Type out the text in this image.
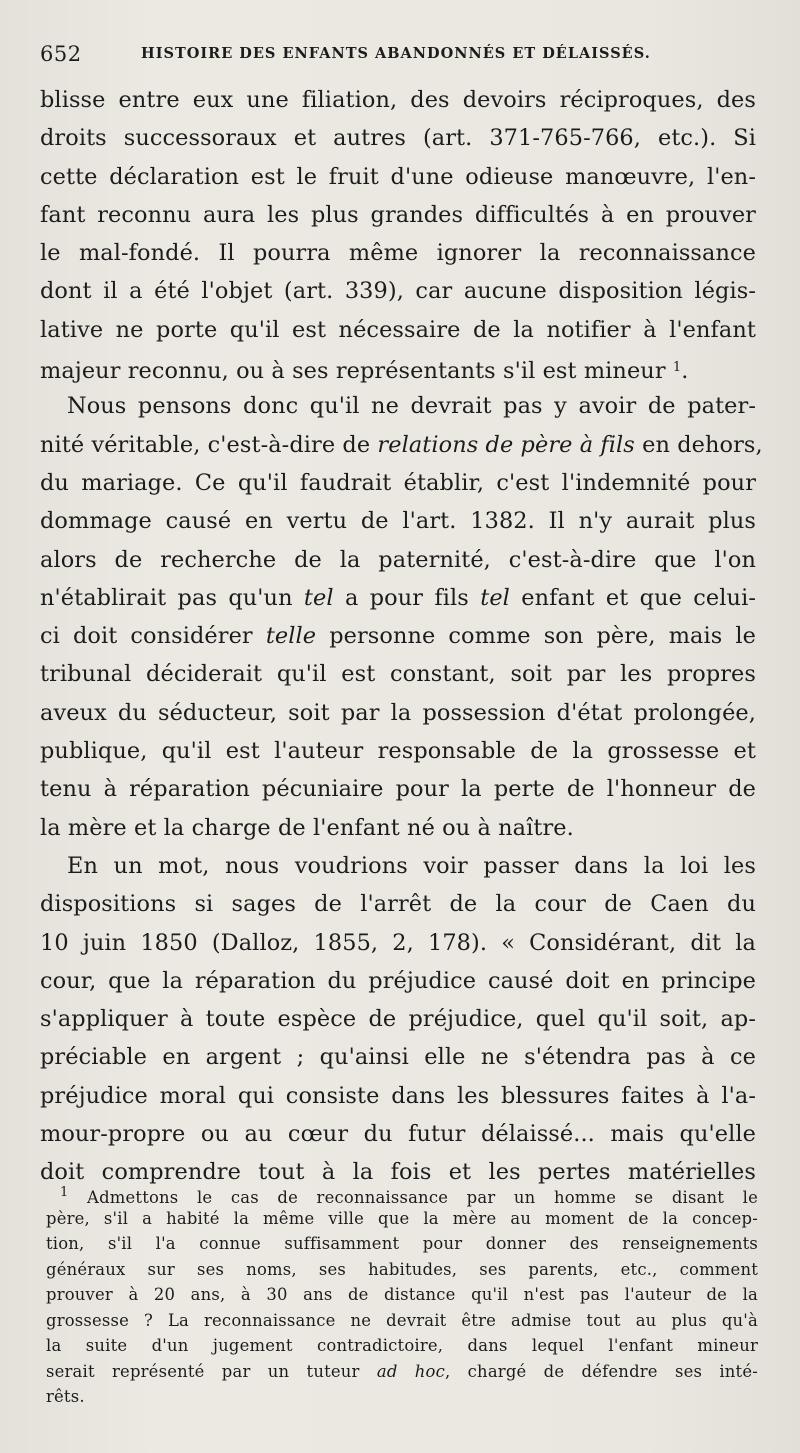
652	HISTOIRE DES ENFANTS ABANDONNÉS ET DÉLAISSÉS.
blisse entre eux une filiation, des devoirs réciproques, des
droits successoraux et autres (art. 371-765-766, etc.). Si
cette déclaration est le fruit d'une odieuse manœuvre, l'en-
fant reconnu aura les plus grandes difficultés à en prouver
le mal-fondé. Il pourra même ignorer la reconnaissance
dont il a été l'objet (art. 339), car aucune disposition légis-
lative ne porte qu'il est nécessaire de la notifier à l'enfant
majeur reconnu, ou à ses représentants s'il est mineur $^1$.
Nous pensons donc qu'il ne devrait pas y avoir de pater-
nité véritable, c'est-à-dire de relations de père à fils en dehors,
du mariage. Ce qu'il faudrait établir, c'est l'indemnité pour
dommage causé en vertu de l'art. 1382. Il n'y aurait plus
alors de recherche de la paternité, c'est-à-dire que l'on
n'établirait pas qu'un tel a pour fils tel enfant et que celui-
ci doit considérer telle personne comme son père, mais le
tribunal déciderait qu'il est constant, soit par les propres
aveux du séducteur, soit par la possession d'état prolongée,
publique, qu'il est l'auteur responsable de la grossesse et
tenu à réparation pécuniaire pour la perte de l'honneur de
la mère et la charge de l'enfant né ou à naître.
En un mot, nous voudrions voir passer dans la loi les
dispositions si sages de l'arrêt de la cour de Caen du
10 juin 1850 (Dalloz, 1855, 2, 178). « Considérant, dit la
cour, que la réparation du préjudice causé doit en principe
s'appliquer à toute espèce de préjudice, quel qu'il soit, ap-
préciable en argent ; qu'ainsi elle ne s'étendra pas à ce
préjudice moral qui consiste dans les blessures faites à l'a-
mour-propre ou au cœur du futur délaissé... mais qu'elle
doit comprendre tout à la fois et les pertes matérielles
$^1$ Admettons le cas de reconnaissance par un homme se disant le
père, s'il a habité la même ville que la mère au moment de la concep-
tion, s'il l'a connue suffisamment pour donner des renseignements
généraux sur ses noms, ses habitudes, ses parents, etc., comment
prouver à 20 ans, à 30 ans de distance qu'il n'est pas l'auteur de la
grossesse ? La reconnaissance ne devrait être admise tout au plus qu'à
la suite d'un jugement contradictoire, dans lequel l'enfant mineur
serait représenté par un tuteur ad hoc, chargé de défendre ses inté-
rêts.
